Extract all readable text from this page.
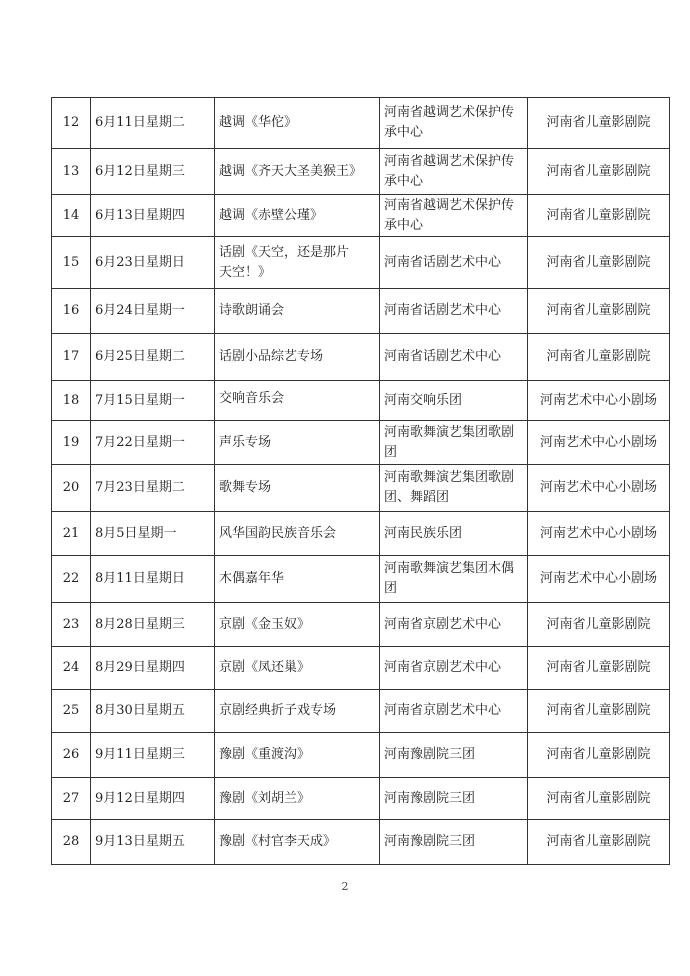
12	6月11日星期二	越调《华佗》	河南省越调艺术保护传承中心	河南省儿童影剧院
13	6月12日星期三	越调《齐天大圣美猴王》	河南省越调艺术保护传承中心	河南省儿童影剧院
14	6月13日星期四	越调《赤壁公瑾》	河南省越调艺术保护传承中心	河南省儿童影剧院
15	6月23日星期日	话剧《天空，还是那片
天空！》	河南省话剧艺术中心	河南省儿童影剧院
16	6月24日星期一	诗歌朗诵会	河南省话剧艺术中心	河南省儿童影剧院
17	6月25日星期二	话剧小品综艺专场	河南省话剧艺术中心	河南省儿童影剧院
18	7月15日星期一	交响音乐会	河南交响乐团	河南艺术中心小剧场
19	7月22日星期一	声乐专场	河南歌舞演艺集团歌剧团	河南艺术中心小剧场
20	7月23日星期二	歌舞专场	河南歌舞演艺集团歌剧团、舞蹈团	河南艺术中心小剧场
21	8月5日星期一	风华国韵民族音乐会	河南民族乐团	河南艺术中心小剧场
22	8月11日星期日	木偶嘉年华	河南歌舞演艺集团木偶团	河南艺术中心小剧场
23	8月28日星期三	京剧《金玉奴》	河南省京剧艺术中心	河南省儿童影剧院
24	8月29日星期四	京剧《凤还巢》	河南省京剧艺术中心	河南省儿童影剧院
25	8月30日星期五	京剧经典折子戏专场	河南省京剧艺术中心	河南省儿童影剧院
26	9月11日星期三	豫剧《重渡沟》	河南豫剧院三团	河南省儿童影剧院
27	9月12日星期四	豫剧《刘胡兰》	河南豫剧院三团	河南省儿童影剧院
28	9月13日星期五	豫剧《村官李天成》	河南豫剧院三团	河南省儿童影剧院
2
